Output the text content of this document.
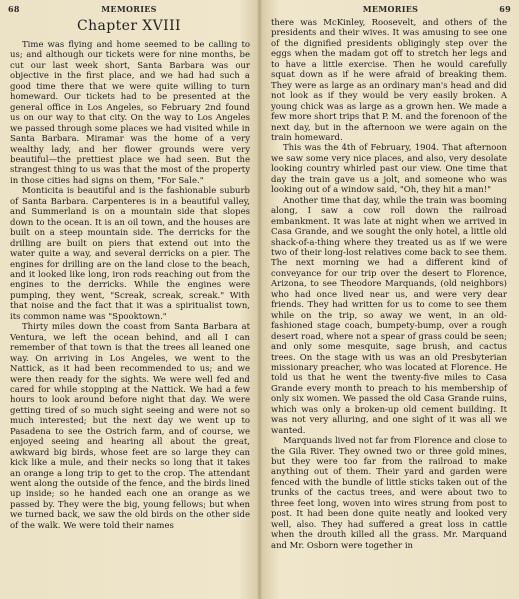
68	MEMORIES
Chapter XVIII

Time was flying and home seemed to be calling to us; and although our tickets were for nine months, be cut our last week short, Santa Barbara was our objective in the first place, and we had had such a good time there that we were quite willing to turn homeward. Our tickets had to be presented at the general office in Los Angeles, so February 2nd found us on our way to that city. On the way to Los Angeles we passed through some places we had visited while in Santa Barbara. Miramar was the home of a very wealthy lady, and her flower grounds were very beautiful—the prettiest place we had seen. But the strangest thing to us was that the most of the property in those cities had signs on them, "For Sale."

Monticita is beautiful and is the fashionable suburb of Santa Barbara. Carpenteres is in a beautiful valley, and Summerland is on a mountain side that slopes down to the ocean. It is an oil town, and the houses are built on a steep mountain side. The derricks for the drilling are built on piers that extend out into the water quite a way, and several derricks on a pier. The engines for drilling are on the land close to the beach, and it looked like long, iron rods reaching out from the engines to the derricks. While the engines were pumping, they went, "Screak, screak, screak." With that noise and the fact that it was a spiritualist town, its common name was "Spooktown."

Thirty miles down the coast from Santa Barbara at Ventura, we left the ocean behind, and all I can remember of that town is that the trees all leaned one way. On arriving in Los Angeles, we went to the Nattick, as it had been recommended to us; and we were then ready for the sights. We were well fed and cared for while stopping at the Nattick. We had a few hours to look around before night that day. We were getting tired of so much sight seeing and were not so much interested; but the next day we went up to Pasadena to see the Ostrich farm, and of course, we enjoyed seeing and hearing all about the great, awkward big birds, whose feet are so large they can kick like a mule, and their necks so long that it takes an orange a long trip to get to the crop. The attendant went along the outside of the fence, and the birds lined up inside; so he handed each one an orange as we passed by. They were the big, young fellows; but when we turned back, we saw the old birds on the other side of the walk. We were told their names

MEMORIES	69

there was McKinley, Roosevelt, and others of the presidents and their wives. It was amusing to see one of the dignified presidents obligingly step over the eggs when the madam got off to stretch her legs and to have a little exercise. Then he would carefully squat down as if he were afraid of breaking them. They were as large as an ordinary man's head and did not look as if they would be very easily broken. A young chick was as large as a grown hen. We made a few more short trips that P. M. and the forenoon of the next day, but in the afternoon we were again on the train homeward.

This was the 4th of February, 1904. That afternoon we saw some very nice places, and also, very desolate looking country whirled past our view. One time that day the train gave us a jolt, and someone who was looking out of a window said, "Oh, they hit a man!"

Another time that day, while the train was booming along, I saw a cow roll down the railroad embankment. It was late at night when we arrived in Casa Grande, and we sought the only hotel, a little old shack-of-a-thing where they treated us as if we were two of their long-lost relatives come back to see them. The next morning we had a different kind of conveyance for our trip over the desert to Florence, Arizona, to see Theodore Marquands, (old neighbors) who had once lived near us, and were very dear friends. They had written for us to come to see them while on the trip, so away we went, in an old-fashioned stage coach, bumpety-bump, over a rough desert road, where not a spear of grass could be seen; and only some mesquite, sage brush, and cactus trees. On the stage with us was an old Presbyterian missionary preacher, who was located at Florence. He told us that he went the twenty-five miles to Casa Grande every month to preach to his membership of only six women. We passed the old Casa Grande ruins, which was only a broken-up old cement building. It was not very alluring, and one sight of it was all we wanted.

Marquands lived not far from Florence and close to the Gila River. They owned two or three gold mines, but they were too far from the railroad to make anything out of them. Their yard and garden were fenced with the bundle of little sticks taken out of the trunks of the cactus trees, and were about two to three feet long, woven into wires strung from post to post. It had been done quite neatly and looked very well, also. They had suffered a great loss in cattle when the drouth killed all the grass. Mr. Marquand and Mr. Osborn were together in
